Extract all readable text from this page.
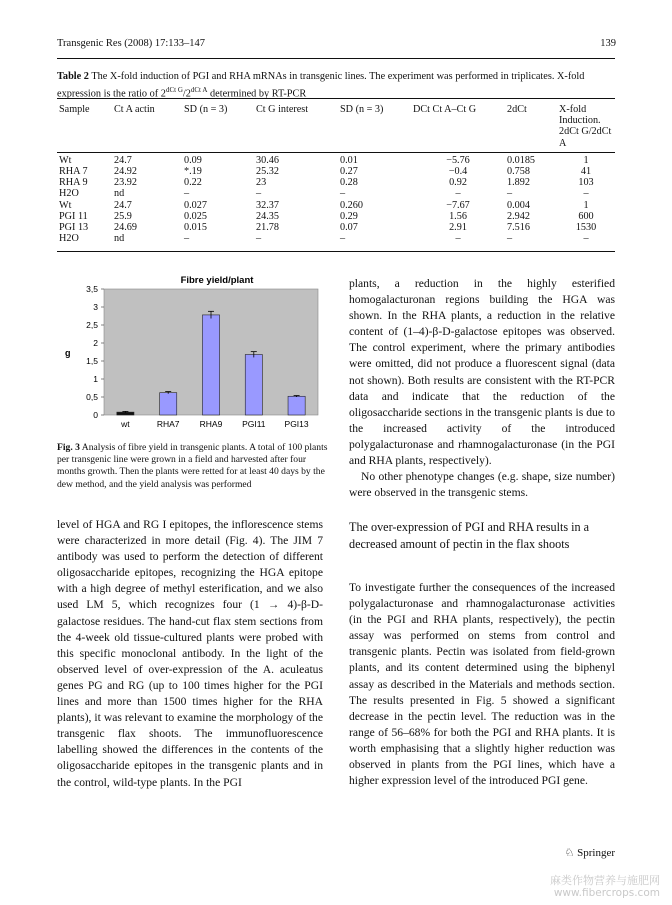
Transgenic Res (2008) 17:133–147	139
Table 2 The X-fold induction of PGI and RHA mRNAs in transgenic lines. The experiment was performed in triplicates. X-fold expression is the ratio of $2^{dCt G}/2^{dCt A}$ determined by RT-PCR
Sample	Ct A actin	SD (n = 3)	Ct G interest	SD (n = 3)	DCt Ct A–Ct G	2dCt	X-fold Induction. 2dCt G/2dCt A
Wt	24.7	0.09	30.46	0.01	−5.76	0.0185	1
RHA 7	24.92	*.19	25.32	0.27	−0.4	0.758	41
RHA 9	23.92	0.22	23	0.28	0.92	1.892	103
H2O	nd	–	–	–	–	–	–
Wt	24.7	0.027	32.37	0.260	−7.67	0.004	1
PGI 11	25.9	0.025	24.35	0.29	1.56	2.942	600
PGI 13	24.69	0.015	21.78	0.07	2.91	7.516	1530
H2O	nd	–	–	–	–	–	–
Fibre yield/plant
g
0
0,5
1
1,5
2
2,5
3
3,5
wt	RHA7 RHA9 PGI11 PGI13
Fig. 3 Analysis of fibre yield in transgenic plants. A total of 100 plants per transgenic line were grown in a field and harvested after four months growth. Then the plants were retted for at least 40 days by the dew method, and the yield analysis was performed

level of HGA and RG I epitopes, the inflorescence stems were characterized in more detail (Fig. 4). The JIM 7 antibody was used to perform the detection of different oligosaccharide epitopes, recognizing the HGA epitope with a high degree of methyl esterification, and we also used LM 5, which recognizes four (1 → 4)-β-D-galactose residues. The hand-cut flax stem sections from the 4-week old tissue-cultured plants were probed with this specific monoclonal antibody. In the light of the observed level of over-expression of the A. aculeatus genes PG and RG (up to 100 times higher for the PGI lines and more than 1500 times higher for the RHA plants), it was relevant to examine the morphology of the transgenic flax shoots. The immunofluorescence labelling showed the differences in the contents of the oligosaccharide epitopes in the transgenic plants and in the control, wild-type plants. In the PGI

plants, a reduction in the highly esterified homogalacturonan regions building the HGA was shown. In the RHA plants, a reduction in the relative content of (1–4)-β-D-galactose epitopes was observed. The control experiment, where the primary antibodies were omitted, did not produce a fluorescent signal (data not shown). Both results are consistent with the RT-PCR data and indicate that the reduction of the oligosaccharide sections in the transgenic plants is due to the increased activity of the introduced polygalacturonase and rhamnogalacturonase (in the PGI and RHA plants, respectively).

No other phenotype changes (e.g. shape, size number) were observed in the transgenic stems.

The over-expression of PGI and RHA results in a decreased amount of pectin in the flax shoots

To investigate further the consequences of the increased polygalacturonase and rhamnogalacturonase activities (in the PGI and RHA plants, respectively), the pectin assay was performed on stems from control and transgenic plants. Pectin was isolated from field-grown plants, and its content determined using the biphenyl assay as described in the Materials and methods section. The results presented in Fig. 5 showed a significant decrease in the pectin level. The reduction was in the range of 56–68% for both the PGI and RHA plants. It is worth emphasising that a slightly higher reduction was observed in plants from the PGI lines, which have a higher expression level of the introduced PGI gene.

♘ Springer
麻类作物营养与施肥网
www.fibercrops.com
